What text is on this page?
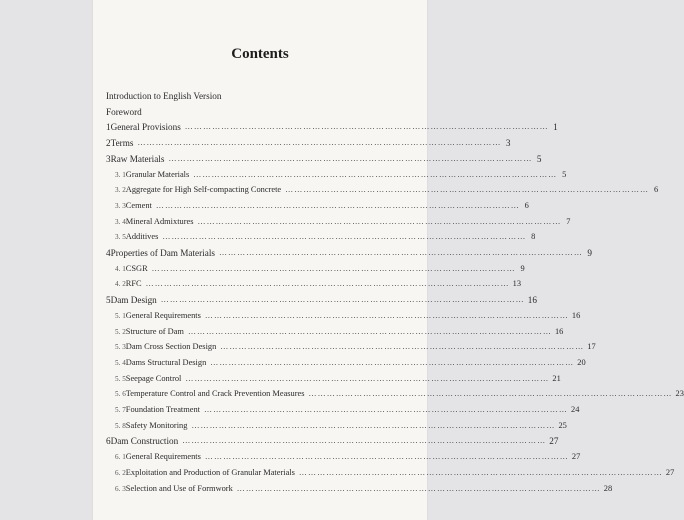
Contents
Introduction to English Version
Foreword
1 General Provisions ………………………………………………………………………………………………………… 1
2 Terms ………………………………………………………………………………………………………… 3
3 Raw Materials ………………………………………………………………………………………………………… 5
3. 1 Granular Materials ………………………………………………………………………………………………………… 5
3. 2 Aggregate for High Self-compacting Concrete ………………………………………………………………………………………………………… 6
3. 3 Cement ………………………………………………………………………………………………………… 6
3. 4 Mineral Admixtures ………………………………………………………………………………………………………… 7
3. 5 Additives ………………………………………………………………………………………………………… 8
4 Properties of Dam Materials ………………………………………………………………………………………………………… 9
4. 1 CSGR ………………………………………………………………………………………………………… 9
4. 2 RFC ………………………………………………………………………………………………………… 13
5 Dam Design ………………………………………………………………………………………………………… 16
5. 1 General Requirements ………………………………………………………………………………………………………… 16
5. 2 Structure of Dam ………………………………………………………………………………………………………… 16
5. 3 Dam Cross Section Design ………………………………………………………………………………………………………… 17
5. 4 Dams Structural Design ………………………………………………………………………………………………………… 20
5. 5 Seepage Control ………………………………………………………………………………………………………… 21
5. 6 Temperature Control and Crack Prevention Measures ………………………………………………………………………………………………………… 23
5. 7 Foundation Treatment ………………………………………………………………………………………………………… 24
5. 8 Safety Monitoring ………………………………………………………………………………………………………… 25
6 Dam Construction ………………………………………………………………………………………………………… 27
6. 1 General Requirements ………………………………………………………………………………………………………… 27
6. 2 Exploitation and Production of Granular Materials ………………………………………………………………………………………………………… 27
6. 3 Selection and Use of Formwork ………………………………………………………………………………………………………… 28
